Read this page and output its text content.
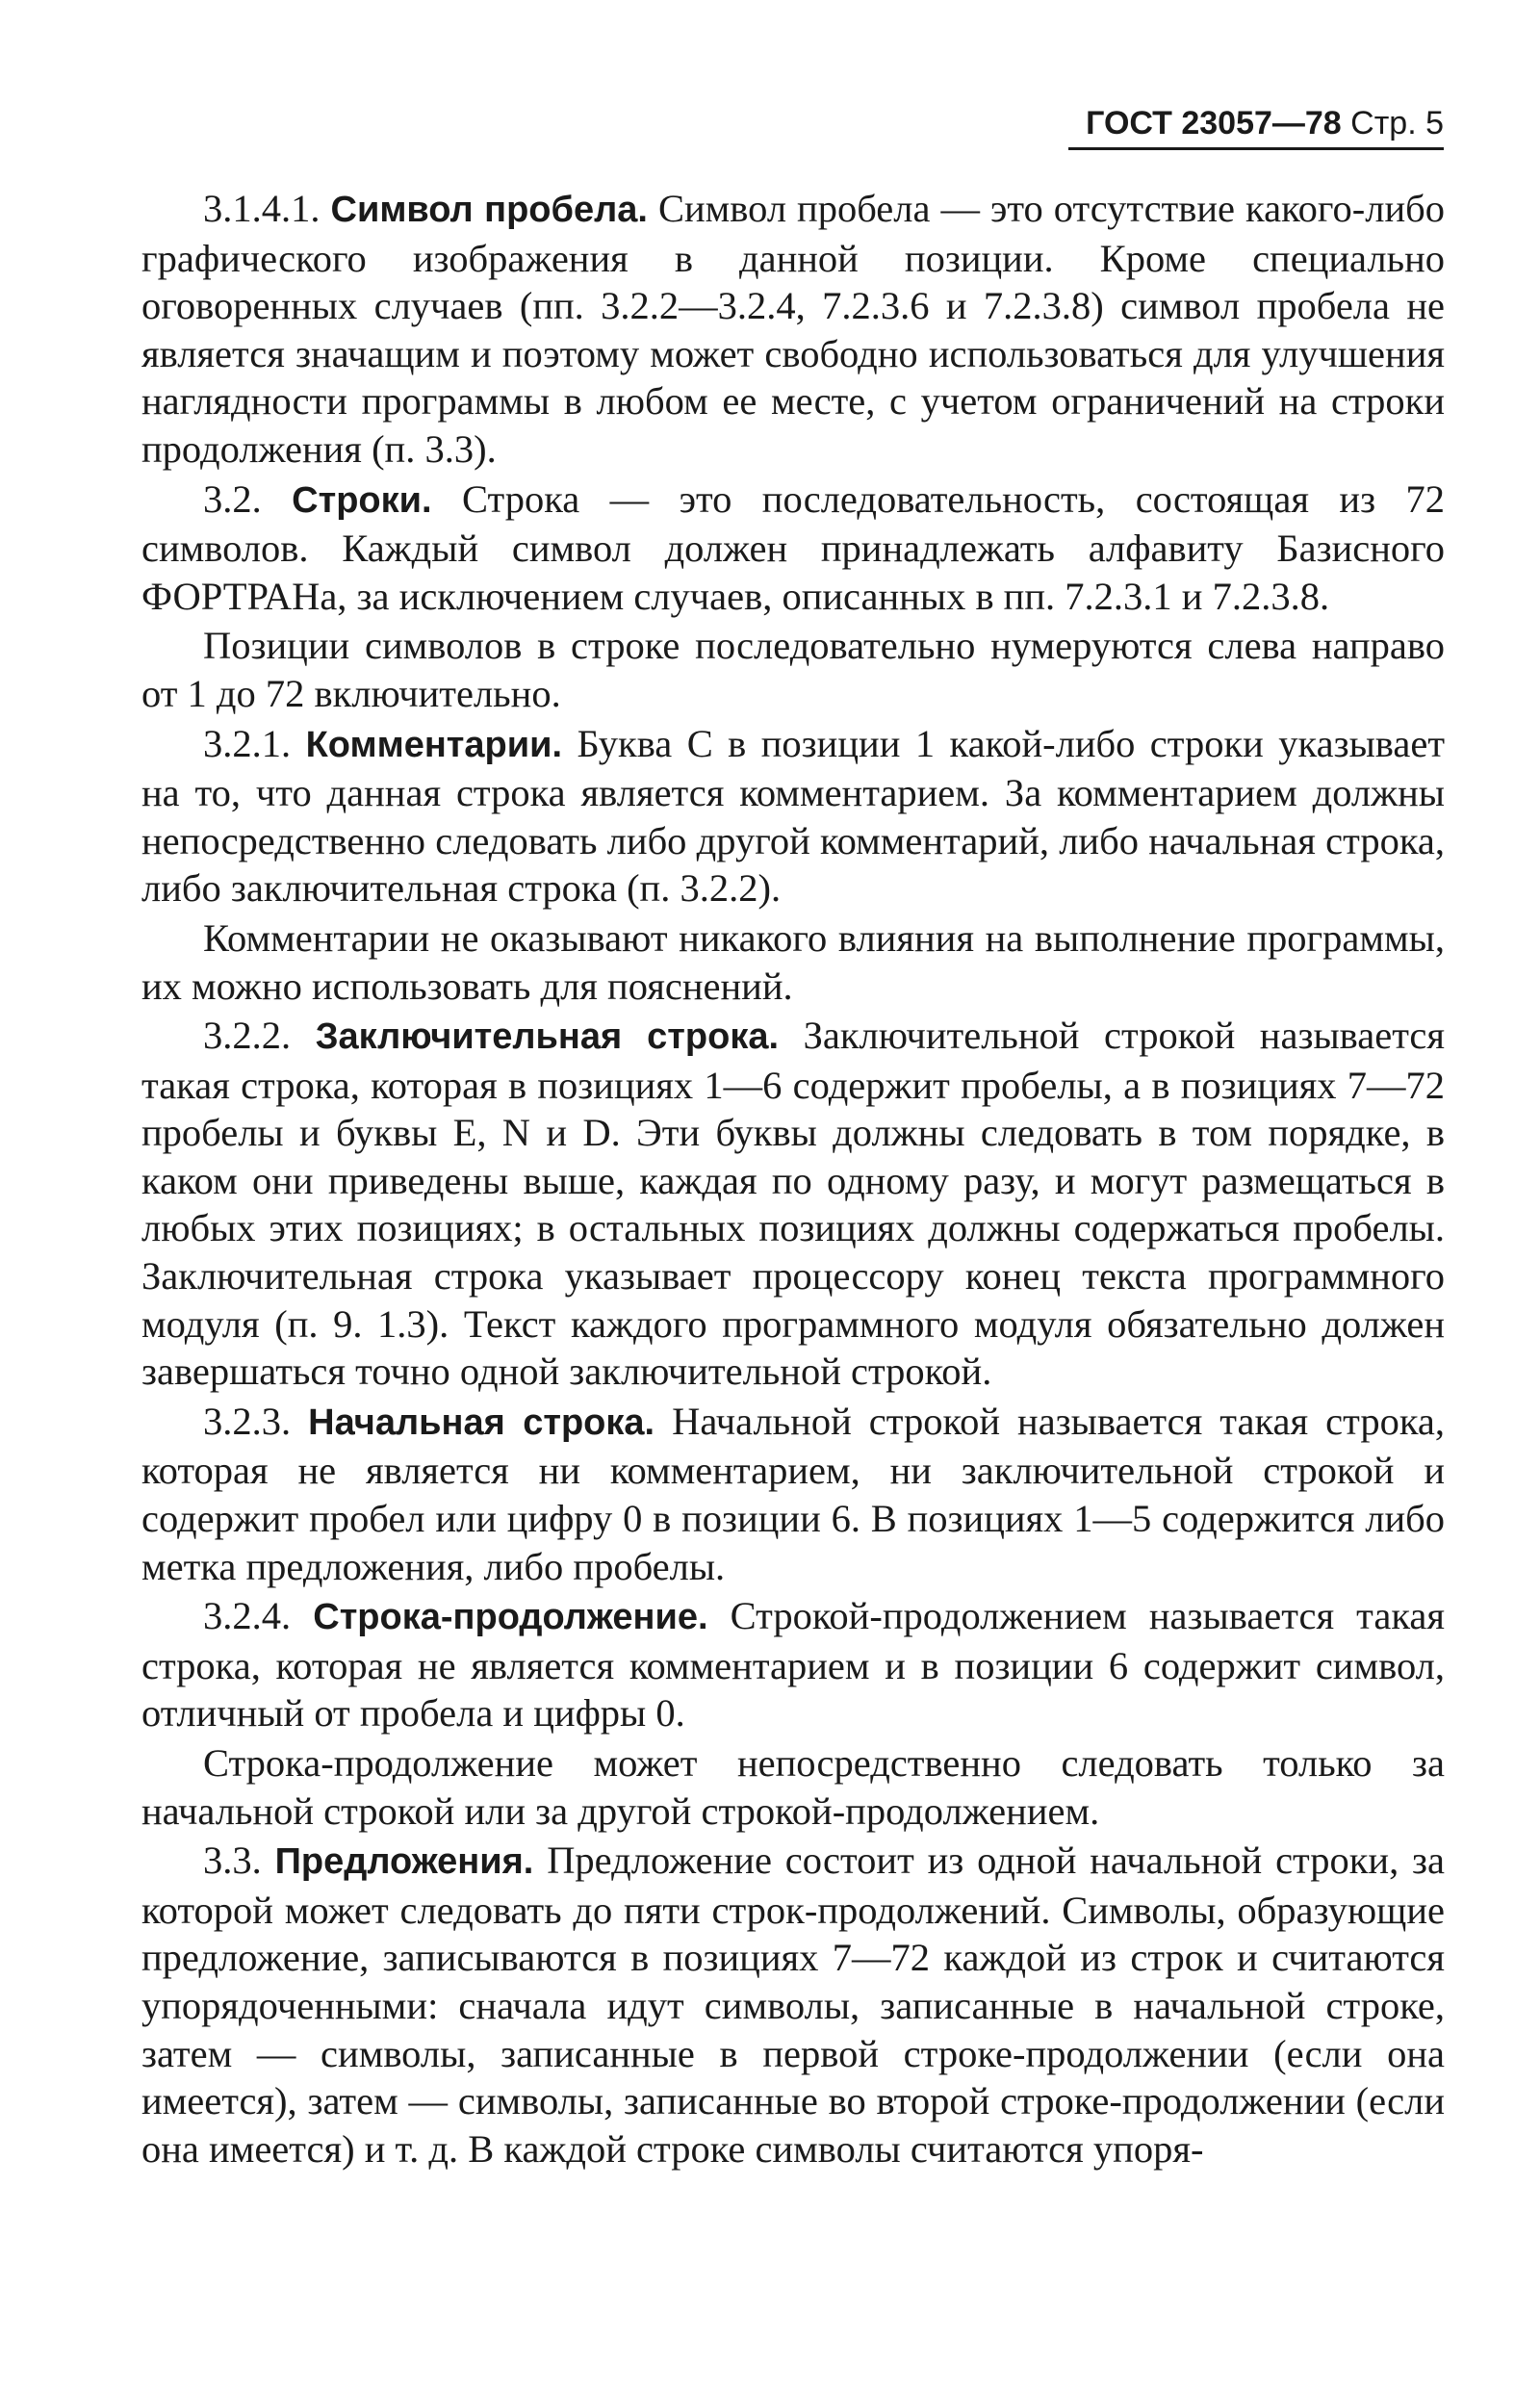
ГОСТ 23057—78 Стр. 5

3.1.4.1. Символ пробела. Символ пробела — это отсутствие какого-либо графического изображения в данной позиции. Кроме специально оговоренных случаев (пп. 3.2.2—3.2.4, 7.2.3.6 и 7.2.3.8) символ пробела не является значащим и поэтому может свободно использоваться для улучшения наглядности программы в любом ее месте, с учетом ограничений на строки продолжения (п. 3.3).

3.2. Строки. Строка — это последовательность, состоящая из 72 символов. Каждый символ должен принадлежать алфавиту Базисного ФОРТРАНа, за исключением случаев, описанных в пп. 7.2.3.1 и 7.2.3.8.

Позиции символов в строке последовательно нумеруются слева направо от 1 до 72 включительно.

3.2.1. Комментарии. Буква С в позиции 1 какой-либо строки указывает на то, что данная строка является комментарием. За комментарием должны непосредственно следовать либо другой комментарий, либо начальная строка, либо заключительная строка (п. 3.2.2).

Комментарии не оказывают никакого влияния на выполнение программы, их можно использовать для пояснений.

3.2.2. Заключительная строка. Заключительной строкой называется такая строка, которая в позициях 1—6 содержит пробелы, а в позициях 7—72 пробелы и буквы Е, N и D. Эти буквы должны следовать в том порядке, в каком они приведены выше, каждая по одному разу, и могут размещаться в любых этих позициях; в остальных позициях должны содержаться пробелы. Заключительная строка указывает процессору конец текста программного модуля (п. 9. 1.3). Текст каждого программного модуля обязательно должен завершаться точно одной заключительной строкой.

3.2.3. Начальная строка. Начальной строкой называется такая строка, которая не является ни комментарием, ни заключительной строкой и содержит пробел или цифру 0 в позиции 6. В позициях 1—5 содержится либо метка предложения, либо пробелы.

3.2.4. Строка-продолжение. Строкой-продолжением называется такая строка, которая не является комментарием и в позиции 6 содержит символ, отличный от пробела и цифры 0.

Строка-продолжение может непосредственно следовать только за начальной строкой или за другой строкой-продолжением.

3.3. Предложения. Предложение состоит из одной начальной строки, за которой может следовать до пяти строк-продолжений. Символы, образующие предложение, записываются в позициях 7—72 каждой из строк и считаются упорядоченными: сначала идут символы, записанные в начальной строке, затем — символы, записанные в первой строке-продолжении (если она имеется), затем — символы, записанные во второй строке-продолжении (если она имеется) и т. д. В каждой строке символы считаются упоря-
